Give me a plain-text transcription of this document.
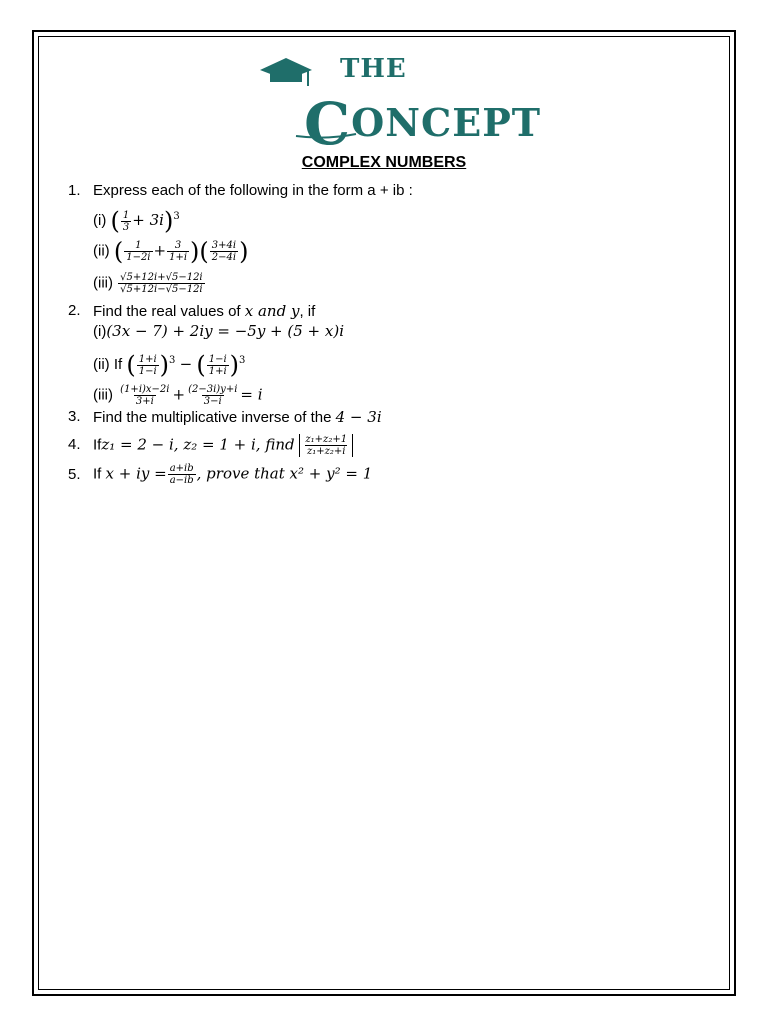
THE
CONCEPT
COMPLEX NUMBERS
1. Express each of the following in the form a + ib :
(i) ( $\frac{1}{3} + 3i)^3$
(ii) ( $\frac{1}{1-2i} + \frac{3}{1+i}$ )( $\frac{3+4i}{2-4i}$ )
$(iii) \frac{√5+12i+√5-12i}{√5+12i-√5-12i}$
2. Find the real values of x and y, if
(i)(3x − 7) + 2iy = −5y + (5 + x)i
(ii) If ( $\frac{1+i}{1-i} )^3$ − ( $\frac{1-i}{1+i} )^3$
$(iii) \frac{(1+i)x-2i}{3+i} + \frac{(2-3i)y+i}{3-i} = i$
3. Find the multiplicative inverse of the 4 − 3i
4. Ifz₁ = 2 − i, z₂ = 1 + i, find $\frac{\text{z₁+z₂+1}}{\text{z₁+z₂+i}}$
5. If x + iy = $\frac{a+ib}{a-ib}$ , prove that x² + y² = 1
